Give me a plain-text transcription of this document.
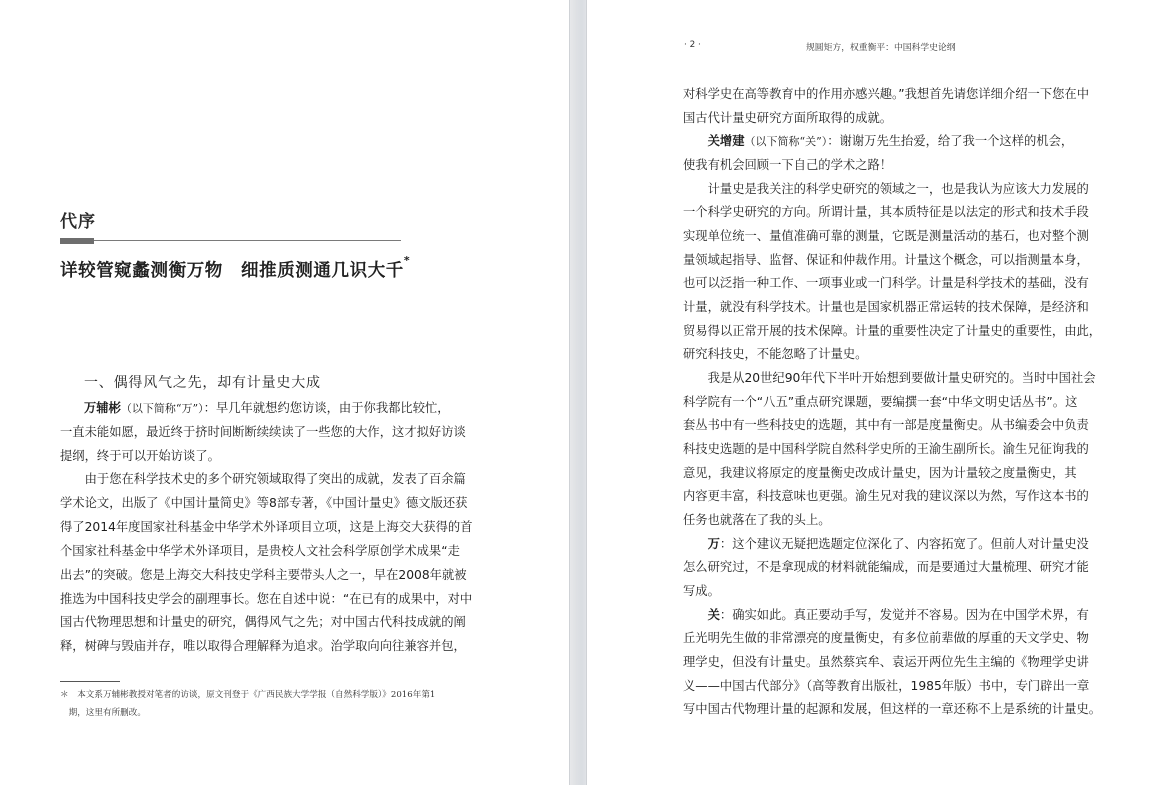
代序
详较管窥蠡测衡万物　细推质测通几识大千*
一、偶得风气之先，却有计量史大成
万辅彬（以下简称“万”）：早几年就想约您访谈，由于你我都比较忙，
一直未能如愿，最近终于挤时间断断续续读了一些您的大作，这才拟好访谈
提纲，终于可以开始访谈了。
　　由于您在科学技术史的多个研究领域取得了突出的成就，发表了百余篇
学术论文，出版了《中国计量简史》等8部专著，《中国计量史》德文版还获
得了2014年度国家社科基金中华学术外译项目立项，这是上海交大获得的首
个国家社科基金中华学术外译项目，是贵校人文社会科学原创学术成果“走
出去”的突破。您是上海交大科技史学科主要带头人之一，早在2008年就被
推选为中国科技史学会的副理事长。您在自述中说：“在已有的成果中，对中
国古代物理思想和计量史的研究，偶得风气之先；对中国古代科技成就的阐
释，树碑与毁庙并存，唯以取得合理解释为追求。治学取向向往兼容并包，
＊　本文系万辅彬教授对笔者的访谈，原文刊登于《广西民族大学学报（自然科学版）》2016年第1
　期，这里有所删改。
· 2 ·	规圆矩方，权重衡平：中国科学史论纲
对科学史在高等教育中的作用亦感兴趣。”我想首先请您详细介绍一下您在中
国古代计量史研究方面所取得的成就。
　　关增建（以下简称“关”）：谢谢万先生抬爱，给了我一个这样的机会，
使我有机会回顾一下自己的学术之路！
　　计量史是我关注的科学史研究的领域之一，也是我认为应该大力发展的
一个科学史研究的方向。所谓计量，其本质特征是以法定的形式和技术手段
实现单位统一、量值准确可靠的测量，它既是测量活动的基石，也对整个测
量领域起指导、监督、保证和仲裁作用。计量这个概念，可以指测量本身，
也可以泛指一种工作、一项事业或一门科学。计量是科学技术的基础，没有
计量，就没有科学技术。计量也是国家机器正常运转的技术保障，是经济和
贸易得以正常开展的技术保障。计量的重要性决定了计量史的重要性，由此，
研究科技史，不能忽略了计量史。
　　我是从20世纪90年代下半叶开始想到要做计量史研究的。当时中国社会
科学院有一个“八五”重点研究课题，要编撰一套“中华文明史话丛书”。这
套丛书中有一些科技史的选题，其中有一部是度量衡史。从书编委会中负责
科技史选题的是中国科学院自然科学史所的王渝生副所长。渝生兄征询我的
意见，我建议将原定的度量衡史改成计量史，因为计量较之度量衡史，其
内容更丰富，科技意味也更强。渝生兄对我的建议深以为然，写作这本书的
任务也就落在了我的头上。
　　万：这个建议无疑把选题定位深化了、内容拓宽了。但前人对计量史没
怎么研究过，不是拿现成的材料就能编成，而是要通过大量梳理、研究才能
写成。
　　关：确实如此。真正要动手写，发觉并不容易。因为在中国学术界，有
丘光明先生做的非常漂亮的度量衡史，有多位前辈做的厚重的天文学史、物
理学史，但没有计量史。虽然蔡宾牟、袁运开两位先生主编的《物理学史讲
义——中国古代部分》（高等教育出版社，1985年版）书中，专门辟出一章
写中国古代物理计量的起源和发展，但这样的一章还称不上是系统的计量史。
